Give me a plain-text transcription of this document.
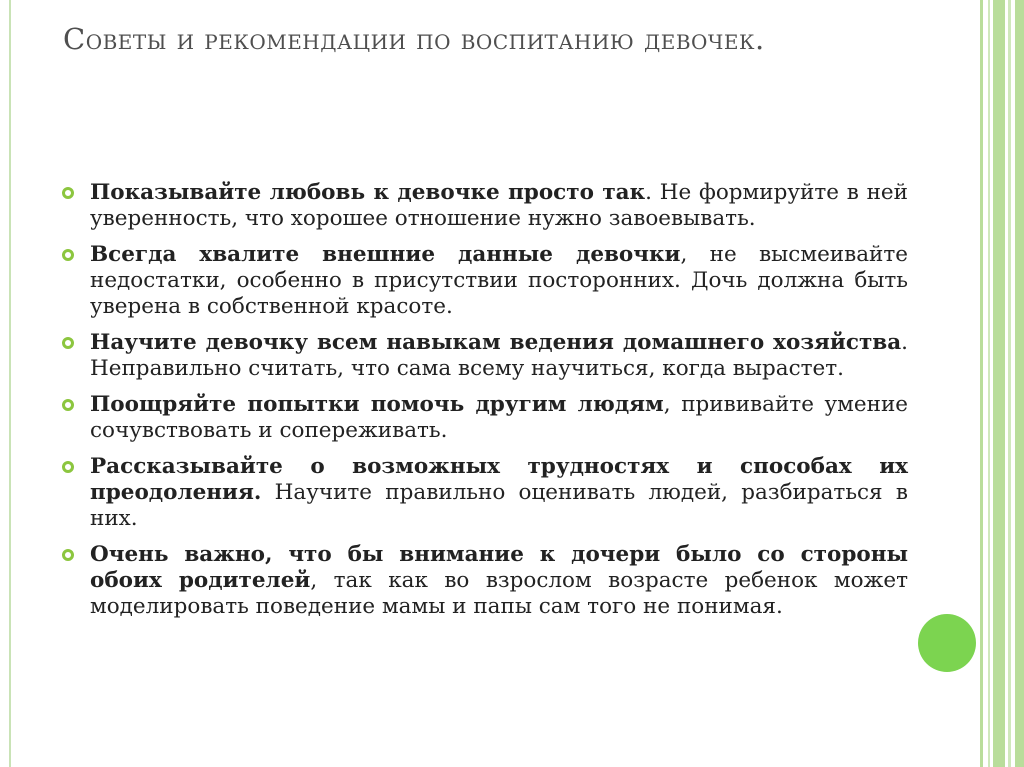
Советы и рекомендации по воспитанию девочек.
Показывайте любовь к девочке просто так. Не формируйте в ней уверенность, что хорошее отношение нужно завоевывать.
Всегда хвалите внешние данные девочки, не высмеивайте недостатки, особенно в присутствии посторонних. Дочь должна быть уверена в собственной красоте.
Научите девочку всем навыкам ведения домашнего хозяйства. Неправильно считать, что сама всему научиться, когда вырастет.
Поощряйте попытки помочь другим людям, прививайте умение сочувствовать и сопереживать.
Рассказывайте о возможных трудностях и способах их преодоления. Научите правильно оценивать людей, разбираться в них.
Очень важно, что бы внимание к дочери было со стороны обоих родителей, так как во взрослом возрасте ребенок может моделировать поведение мамы и папы сам того не понимая.
